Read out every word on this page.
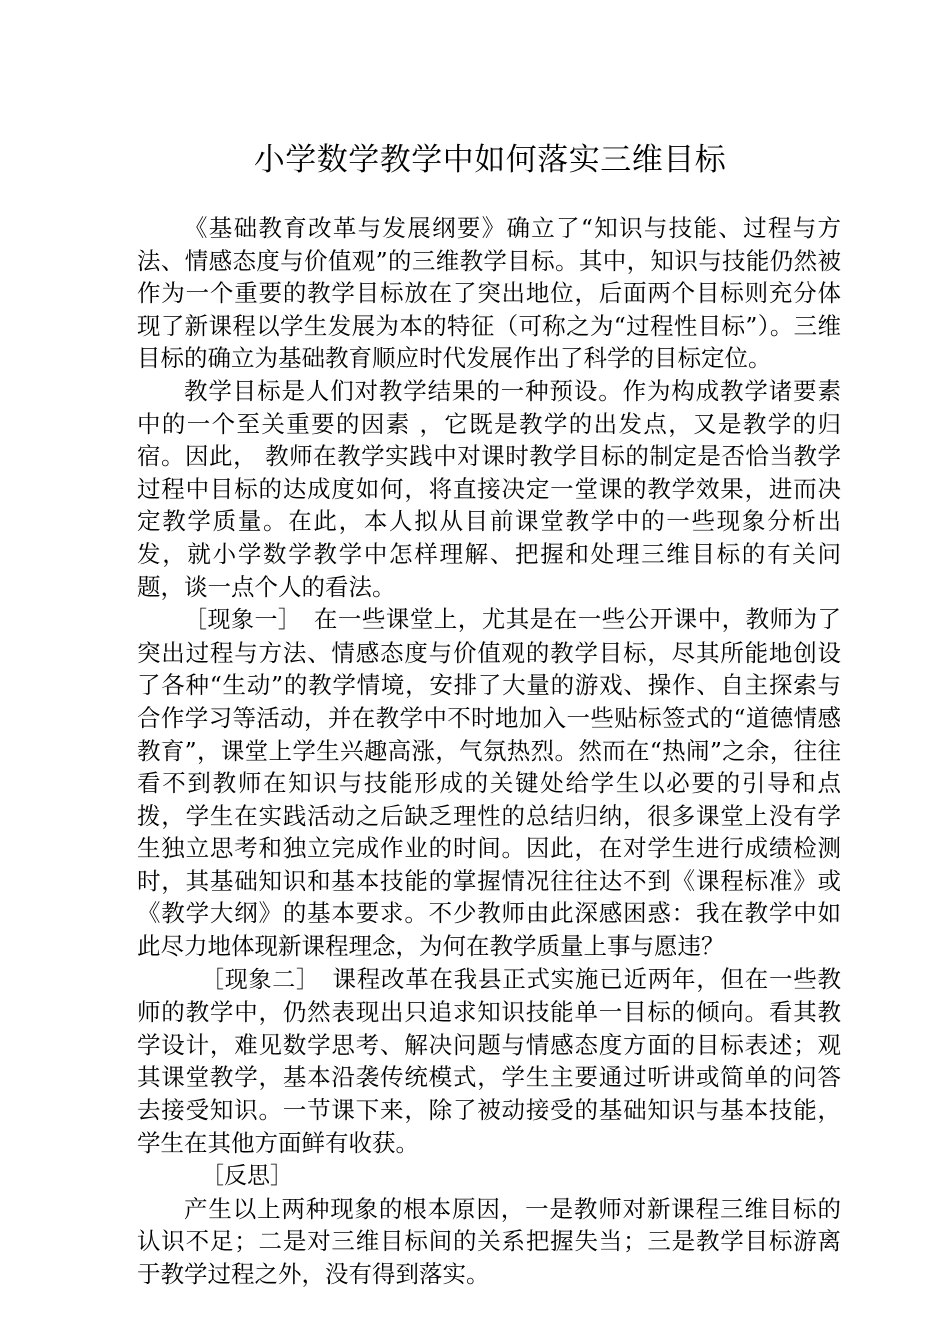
小学数学教学中如何落实三维目标

《基础教育改革与发展纲要》确立了“知识与技能、过程与方法、情感态度与价值观”的三维教学目标。其中，知识与技能仍然被作为一个重要的教学目标放在了突出地位，后面两个目标则充分体现了新课程以学生发展为本的特征（可称之为“过程性目标”）。三维目标的确立为基础教育顺应时代发展作出了科学的目标定位。

教学目标是人们对教学结果的一种预设。作为构成教学诸要素中的一个至关重要的因素 ，它既是教学的出发点，又是教学的归宿。因此， 教师在教学实践中对课时教学目标的制定是否恰当教学过程中目标的达成度如何，将直接决定一堂课的教学效果，进而决定教学质量。在此，本人拟从目前课堂教学中的一些现象分析出发，就小学数学教学中怎样理解、把握和处理三维目标的有关问题，谈一点个人的看法。

［现象一］　在一些课堂上，尤其是在一些公开课中，教师为了突出过程与方法、情感态度与价值观的教学目标，尽其所能地创设了各种“生动”的教学情境，安排了大量的游戏、操作、自主探索与合作学习等活动，并在教学中不时地加入一些贴标签式的“道德情感教育”，课堂上学生兴趣高涨，气氛热烈。然而在“热闹”之余，往往看不到教师在知识与技能形成的关键处给学生以必要的引导和点拨，学生在实践活动之后缺乏理性的总结归纳，很多课堂上没有学生独立思考和独立完成作业的时间。因此，在对学生进行成绩检测时，其基础知识和基本技能的掌握情况往往达不到《课程标准》或《教学大纲》的基本要求。不少教师由此深感困惑：我在教学中如此尽力地体现新课程理念，为何在教学质量上事与愿违？

［现象二］　课程改革在我县正式实施已近两年，但在一些教师的教学中，仍然表现出只追求知识技能单一目标的倾向。看其教学设计，难见数学思考、解决问题与情感态度方面的目标表述；观其课堂教学，基本沿袭传统模式，学生主要通过听讲或简单的问答去接受知识。一节课下来，除了被动接受的基础知识与基本技能，学生在其他方面鲜有收获。

［反思］

产生以上两种现象的根本原因，一是教师对新课程三维目标的认识不足；二是对三维目标间的关系把握失当；三是教学目标游离于教学过程之外，没有得到落实。
